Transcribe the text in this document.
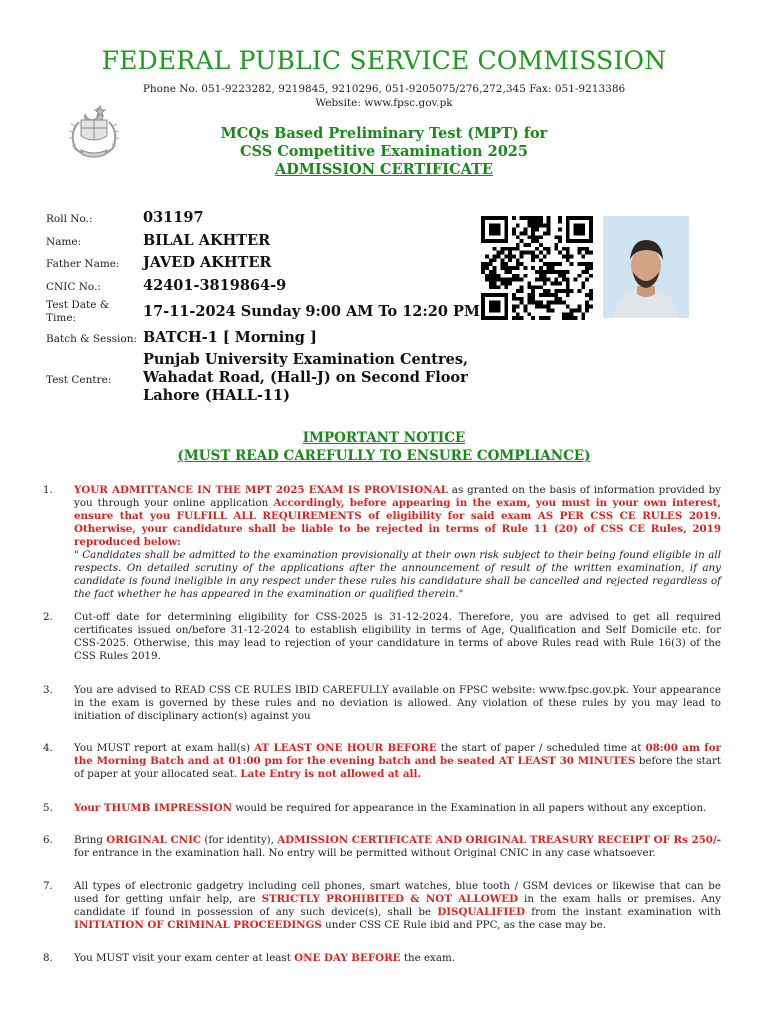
FEDERAL PUBLIC SERVICE COMMISSION
Phone No. 051-9223282, 9219845, 9210296, 051-9205075/276,272,345 Fax: 051-9213386
Website: www.fpsc.gov.pk
MCQs Based Preliminary Test (MPT) for
CSS Competitive Examination 2025
ADMISSION CERTIFICATE
Roll No.:	031197
Name:	BILAL AKHTER
Father Name: JAVED AKHTER
CNIC No.:	42401-3819864-9
Test Date &
Time:	17-11-2024 Sunday 9:00 AM To 12:20 PM
Batch & Session: BATCH-1 [ Morning ]
Test Centre:
Punjab University Examination Centres,
Wahadat Road, (Hall-J) on Second Floor
Lahore (HALL-11)
IMPORTANT NOTICE
(MUST READ CAREFULLY TO ENSURE COMPLIANCE)
1. YOUR ADMITTANCE IN THE MPT 2025 EXAM IS PROVISIONAL as granted on the basis of information provided by you through your online application Accordingly, before appearing in the exam, you must in your own interest, ensure that you FULFILL ALL REQUIREMENTS of eligibility for said exam AS PER CSS CE RULES 2019. Otherwise, your candidature shall be liable to be rejected in terms of Rule 11 (20) of CSS CE Rules, 2019 reproduced below:
" Candidates shall be admitted to the examination provisionally at their own risk subject to their being found eligible in all respects. On detailed scrutiny of the applications after the announcement of result of the written examination, if any candidate is found ineligible in any respect under these rules his candidature shall be cancelled and rejected regardless of the fact whether he has appeared in the examination or qualified therein."
2. Cut-off date for determining eligibility for CSS-2025 is 31-12-2024. Therefore, you are advised to get all required certificates issued on/before 31-12-2024 to establish eligibility in terms of Age, Qualification and Self Domicile etc. for CSS-2025. Otherwise, this may lead to rejection of your candidature in terms of above Rules read with Rule 16(3) of the CSS Rules 2019.
3. You are advised to READ CSS CE RULES IBID CAREFULLY available on FPSC website: www.fpsc.gov.pk. Your appearance in the exam is governed by these rules and no deviation is allowed. Any violation of these rules by you may lead to initiation of disciplinary action(s) against you
4. You MUST report at exam hall(s) AT LEAST ONE HOUR BEFORE the start of paper / scheduled time at 08:00 am for the Morning Batch and at 01:00 pm for the evening batch and be seated AT LEAST 30 MINUTES before the start of paper at your allocated seat. Late Entry is not allowed at all.
5. Your THUMB IMPRESSION would be required for appearance in the Examination in all papers without any exception.
6. Bring ORIGINAL CNIC (for identity), ADMISSION CERTIFICATE AND ORIGINAL TREASURY RECEIPT OF Rs 250/-for entrance in the examination hall. No entry will be permitted without Original CNIC in any case whatsoever.
7. All types of electronic gadgetry including cell phones, smart watches, blue tooth / GSM devices or likewise that can be used for getting unfair help, are STRICTLY PROHIBITED & NOT ALLOWED in the exam halls or premises. Any candidate if found in possession of any such device(s), shall be DISQUALIFIED from the instant examination with INITIATION OF CRIMINAL PROCEEDINGS under CSS CE Rule ibid and PPC, as the case may be.
8. You MUST visit your exam center at least ONE DAY BEFORE the exam.
